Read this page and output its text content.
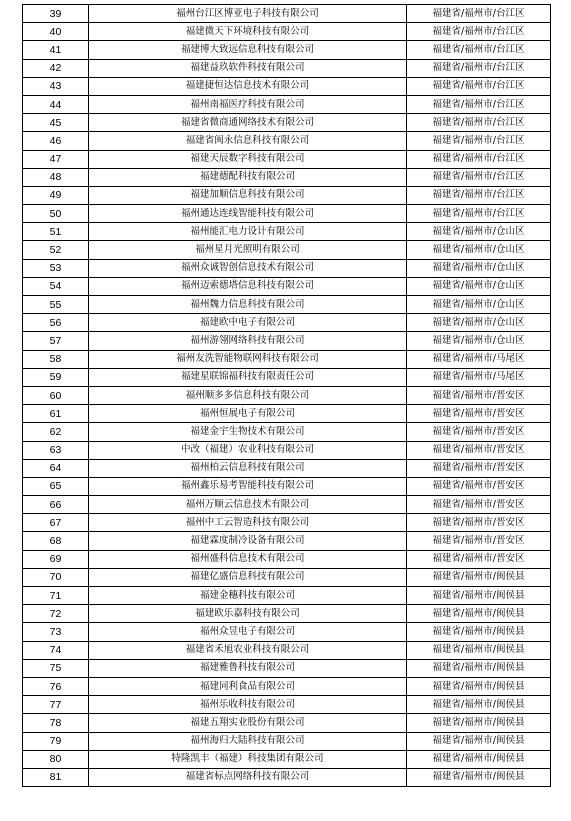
39	福州台江区博亚电子科技有限公司	福建省/福州市/台江区
40	福建微天下环境科技有限公司	福建省/福州市/台江区
41	福建博大致远信息科技有限公司	福建省/福州市/台江区
42	福建益玖软件科技有限公司	福建省/福州市/台江区
43	福建捷恒达信息技术有限公司	福建省/福州市/台江区
44	福州南福医疗科技有限公司	福建省/福州市/台江区
45	福建省微商通网络技术有限公司	福建省/福州市/台江区
46	福建省闽永信息科技有限公司	福建省/福州市/台江区
47	福建天辰数字科技有限公司	福建省/福州市/台江区
48	福建德配科技有限公司	福建省/福州市/台江区
49	福建加顺信息科技有限公司	福建省/福州市/台江区
50	福州通达连线智能科技有限公司	福建省/福州市/台江区
51	福州能汇电力设计有限公司	福建省/福州市/仓山区
52	福州星月光照明有限公司	福建省/福州市/仓山区
53	福州众诚智创信息技术有限公司	福建省/福州市/仓山区
54	福州迈索德塔信息科技有限公司	福建省/福州市/仓山区
55	福州魏力信息科技有限公司	福建省/福州市/仓山区
56	福建欧中电子有限公司	福建省/福州市/仓山区
57	福州游翎网络科技有限公司	福建省/福州市/仓山区
58	福州友洗智能物联网科技有限公司	福建省/福州市/马尾区
59	福建星联锦福科技有限责任公司	福建省/福州市/马尾区
60	福州顺多多信息科技有限公司	福建省/福州市/晋安区
61	福州恒展电子有限公司	福建省/福州市/晋安区
62	福建金宇生物技术有限公司	福建省/福州市/晋安区
63	中改（福建）农业科技有限公司	福建省/福州市/晋安区
64	福州柏云信息科技有限公司	福建省/福州市/晋安区
65	福州鑫乐易考智能科技有限公司	福建省/福州市/晋安区
66	福州万顺云信息技术有限公司	福建省/福州市/晋安区
67	福州中工云智造科技有限公司	福建省/福州市/晋安区
68	福建霖度制冷设备有限公司	福建省/福州市/晋安区
69	福州盛科信息技术有限公司	福建省/福州市/晋安区
70	福建亿盛信息科技有限公司	福建省/福州市/闽侯县
71	福建金穗科技有限公司	福建省/福州市/闽侯县
72	福建欧乐嘉科技有限公司	福建省/福州市/闽侯县
73	福州众昱电子有限公司	福建省/福州市/闽侯县
74	福建省禾旭农业科技有限公司	福建省/福州市/闽侯县
75	福建雅鲁科技有限公司	福建省/福州市/闽侯县
76	福建同利食品有限公司	福建省/福州市/闽侯县
77	福州乐收科技有限公司	福建省/福州市/闽侯县
78	福建五翔实业股份有限公司	福建省/福州市/闽侯县
79	福州海归大陆科技有限公司	福建省/福州市/闽侯县
80	特隆凯丰（福建）科技集团有限公司	福建省/福州市/闽侯县
81	福建省标点网络科技有限公司	福建省/福州市/闽侯县
